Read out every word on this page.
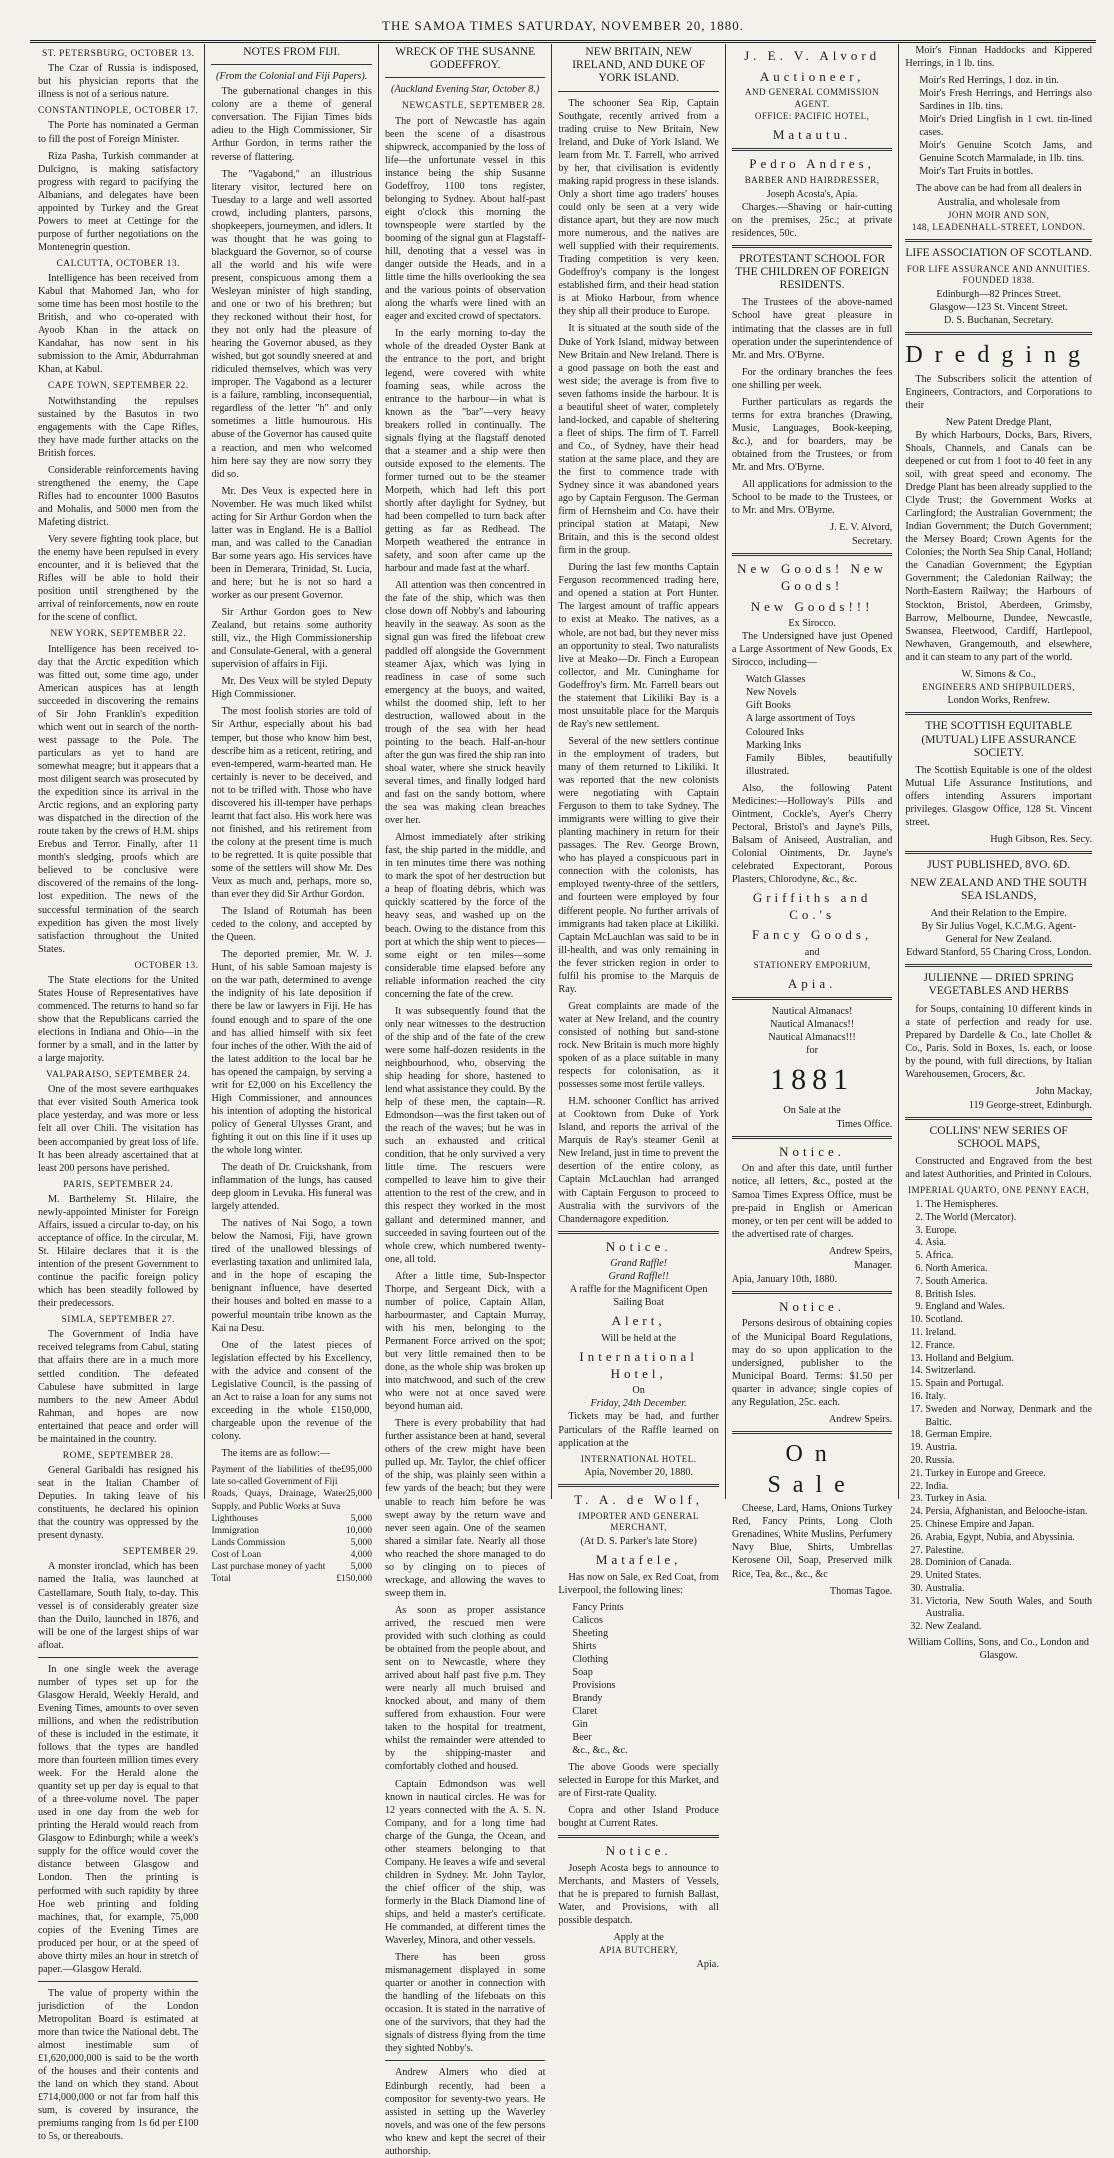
THE SAMOA TIMES SATURDAY, NOVEMBER 20, 1880.
ST. PETERSBURG, OCTOBER 13.

The Czar of Russia is indisposed, but his physician reports that the illness is not of a serious nature.

CONSTANTINOPLE, OCTOBER 17.

The Porte has nominated a German to fill the post of Foreign Minister.

Riza Pasha, Turkish commander at Dulcigno, is making satisfactory progress with regard to pacifying the Albanians, and delegates have been appointed by Turkey and the Great Powers to meet at Cettinge for the purpose of further negotiations on the Montenegrin question.

CALCUTTA, OCTOBER 13.

Intelligence has been received from Kabul that Mahomed Jan, who for some time has been most hostile to the British, and who co-operated with Ayoob Khan in the attack on Kandahar, has now sent in his submission to the Amir, Abdurrahman Khan, at Kabul.

CAPE TOWN, SEPTEMBER 22.

Notwithstanding the repulses sustained by the Basutos in two engagements with the Cape Rifles, they have made further attacks on the British forces.

Considerable reinforcements having strengthened the enemy, the Cape Rifles had to encounter 1000 Basutos and Mohalis, and 5000 men from the Mafeting district.

Very severe fighting took place, but the enemy have been repulsed in every encounter, and it is believed that the Rifles will be able to hold their position until strengthened by the arrival of reinforcements, now en route for the scene of conflict.

NEW YORK, SEPTEMBER 22.

Intelligence has been received to-day that the Arctic expedition which was fitted out, some time ago, under American auspices has at length succeeded in discovering the remains of Sir John Franklin's expedition which went out in search of the north-west passage to the Pole. The particulars as yet to hand are somewhat meagre; but it appears that a most diligent search was prosecuted by the expedition since its arrival in the Arctic regions, and an exploring party was dispatched in the direction of the route taken by the crews of H.M. ships Erebus and Terror. Finally, after 11 month's sledging, proofs which are believed to be conclusive were discovered of the remains of the long-lost expedition. The news of the successful termination of the search expedition has given the most lively satisfaction throughout the United States.

OCTOBER 13.

The State elections for the United States House of Representatives have commenced. The returns to hand so far show that the Republicans carried the elections in Indiana and Ohio—in the former by a small, and in the latter by a large majority.

VALPARAISO, SEPTEMBER 24.

One of the most severe earthquakes that ever visited South America took place yesterday, and was more or less felt all over Chili. The visitation has been accompanied by great loss of life. It has been already ascertained that at least 200 persons have perished.

PARIS, SEPTEMBER 24.

M. Barthelemy St. Hilaire, the newly-appointed Minister for Foreign Affairs, issued a circular to-day, on his acceptance of office. In the circular, M. St. Hilaire declares that it is the intention of the present Government to continue the pacific foreign policy which has been steadily followed by their predecessors.

SIMLA, SEPTEMBER 27.

The Government of India have received telegrams from Cabul, stating that affairs there are in a much more settled condition. The defeated Cabulese have submitted in large numbers to the new Ameer Abdul Rahman, and hopes are now entertained that peace and order will be maintained in the country.

ROME, SEPTEMBER 28.

General Garibaldi has resigned his seat in the Italian Chamber of Deputies. In taking leave of his constituents, he declared his opinion that the country was oppressed by the present dynasty.

SEPTEMBER 29.

A monster ironclad, which has been named the Italia, was launched at Castellamare, South Italy, to-day. This vessel is of considerably greater size than the Duilo, launched in 1876, and will be one of the largest ships of war afloat.

In one single week the average number of types set up for the Glasgow Herald, Weekly Herald, and Evening Times, amounts to over seven millions, and when the redistribution of these is included in the estimate, it follows that the types are handled more than fourteen million times every week. For the Herald alone the quantity set up per day is equal to that of a three-volume novel. The paper used in one day from the web for printing the Herald would reach from Glasgow to Edinburgh; while a week's supply for the office would cover the distance between Glasgow and London. Then the printing is performed with such rapidity by three Hoe web printing and folding machines, that, for example, 75,000 copies of the Evening Times are produced per hour, or at the speed of above thirty miles an hour in stretch of paper.—Glasgow Herald.

The value of property within the jurisdiction of the London Metropolitan Board is estimated at more than twice the National debt. The almost inestimable sum of £1,620,000,000 is said to be the worth of the houses and their contents and the land on which they stand. About £714,000,000 or not far from half this sum, is covered by insurance, the premiums ranging from 1s 6d per £100 to 5s, or thereabouts.

NOTES FROM FIJI.
(From the Colonial and Fiji Papers).

The gubernational changes in this colony are a theme of general conversation. The Fijian Times bids adieu to the High Commissioner, Sir Arthur Gordon, in terms rather the reverse of flattering.

The "Vagabond," an illustrious literary visitor, lectured here on Tuesday to a large and well assorted crowd, including planters, parsons, shopkeepers, journeymen, and idlers. It was thought that he was going to blackguard the Governor, so of course all the world and his wife were present, conspicuous among them a Wesleyan minister of high standing, and one or two of his brethren; but they reckoned without their host, for they not only had the pleasure of hearing the Governor abused, as they wished, but got soundly sneered at and ridiculed themselves, which was very improper. The Vagabond as a lecturer is a failure, rambling, inconsequential, regardless of the letter "h" and only sometimes a little humourous. His abuse of the Governor has caused quite a reaction, and men who welcomed him here say they are now sorry they did so.

Mr. Des Veux is expected here in November. He was much liked whilst acting for Sir Arthur Gordon when the latter was in England. He is a Balliol man, and was called to the Canadian Bar some years ago. His services have been in Demerara, Trinidad, St. Lucia, and here; but he is not so hard a worker as our present Governor.

Sir Arthur Gordon goes to New Zealand, but retains some authority still, viz., the High Commissionership and Consulate-General, with a general supervision of affairs in Fiji.

Mr. Des Veux will be styled Deputy High Commissioner.

The most foolish stories are told of Sir Arthur, especially about his bad temper, but those who know him best, describe him as a reticent, retiring, and even-tempered, warm-hearted man. He certainly is never to be deceived, and not to be trifled with. Those who have discovered his ill-temper have perhaps learnt that fact also. His work here was not finished, and his retirement from the colony at the present time is much to be regretted. It is quite possible that some of the settlers will show Mr. Des Veux as much and, perhaps, more so, than ever they did Sir Arthur Gordon.

The Island of Rotumah has been ceded to the colony, and accepted by the Queen.

The deported premier, Mr. W. J. Hunt, of his sable Samoan majesty is on the war path, determined to avenge the indignity of his late deposition if there be law or lawyers in Fiji. He has found enough and to spare of the one and has allied himself with six feet four inches of the other. With the aid of the latest addition to the local bar he has opened the campaign, by serving a writ for £2,000 on his Excellency the High Commissioner, and announces his intention of adopting the historical policy of General Ulysses Grant, and fighting it out on this line if it uses up the whole long winter.

The death of Dr. Cruickshank, from inflammation of the lungs, has caused deep gloom in Levuka. His funeral was largely attended.

The natives of Nai Sogo, a town below the Namosi, Fiji, have grown tired of the unallowed blessings of everlasting taxation and unlimited lala, and in the hope of escaping the benignant influence, have deserted their houses and bolted en masse to a powerful mountain tribe known as the Kai na Desu.

One of the latest pieces of legislation effected by his Excellency, with the advice and consent of the Legislative Council, is the passing of an Act to raise a loan for any sums not exceeding in the whole £150,000, chargeable upon the revenue of the colony.

The items are as follow:—

Payment of the liabilities of the late so-called Government of Fiji
£95,000
Roads, Quays, Drainage, Water Supply, and Public Works at Suva
25,000
Lighthouses	5,000
Immigration	10,000
Lands Commission	5,000
Cost of Loan	4,000
Last purchase money of yacht	5,000
Total	£150,000
WRECK OF THE SUSANNE GODEFFROY.
(Auckland Evening Star, October 8.)
NEWCASTLE, SEPTEMBER 28.

The port of Newcastle has again been the scene of a disastrous shipwreck, accompanied by the loss of life—the unfortunate vessel in this instance being the ship Susanne Godeffroy, 1100 tons register, belonging to Sydney. About half-past eight o'clock this morning the townspeople were startled by the booming of the signal gun at Flagstaff-hill, denoting that a vessel was in danger outside the Heads, and in a little time the hills overlooking the sea and the various points of observation along the wharfs were lined with an eager and excited crowd of spectators.

In the early morning to-day the whole of the dreaded Oyster Bank at the entrance to the port, and bright legend, were covered with white foaming seas, while across the entrance to the harbour—in what is known as the "bar"—very heavy breakers rolled in continually. The signals flying at the flagstaff denoted that a steamer and a ship were then outside exposed to the elements. The former turned out to be the steamer Morpeth, which had left this port shortly after daylight for Sydney, but had been compelled to turn back after getting as far as Redhead. The Morpeth weathered the entrance in safety, and soon after came up the harbour and made fast at the wharf.

All attention was then concentred in the fate of the ship, which was then close down off Nobby's and labouring heavily in the seaway. As soon as the signal gun was fired the lifeboat crew paddled off alongside the Government steamer Ajax, which was lying in readiness in case of some such emergency at the buoys, and waited, whilst the doomed ship, left to her destruction, wallowed about in the trough of the sea with her head pointing to the beach. Half-an-hour after the gun was fired the ship ran into shoal water, where she struck heavily several times, and finally lodged hard and fast on the sandy bottom, where the sea was making clean breaches over her.

Almost immediately after striking fast, the ship parted in the middle, and in ten minutes time there was nothing to mark the spot of her destruction but a heap of floating débris, which was quickly scattered by the force of the heavy seas, and washed up on the beach. Owing to the distance from this port at which the ship went to pieces—some eight or ten miles—some considerable time elapsed before any reliable information reached the city concerning the fate of the crew.

It was subsequently found that the only near witnesses to the destruction of the ship and of the fate of the crew were some half-dozen residents in the neighbourhood, who, observing the ship heading for shore, hastened to lend what assistance they could. By the help of these men, the captain—R. Edmondson—was the first taken out of the reach of the waves; but he was in such an exhausted and critical condition, that he only survived a very little time. The rescuers were compelled to leave him to give their attention to the rest of the crew, and in this respect they worked in the most gallant and determined manner, and succeeded in saving fourteen out of the whole crew, which numbered twenty-one, all told.

After a little time, Sub-Inspector Thorpe, and Sergeant Dick, with a number of police, Captain Allan, harbourmaster, and Captain Murray, with his men, belonging to the Permanent Force arrived on the spot; but very little remained then to be done, as the whole ship was broken up into matchwood, and such of the crew who were not at once saved were beyond human aid.

There is every probability that had further assistance been at hand, several others of the crew might have been pulled up. Mr. Taylor, the chief officer of the ship, was plainly seen within a few yards of the beach; but they were unable to reach him before he was swept away by the return wave and never seen again. One of the seamen shared a similar fate. Nearly all those who reached the shore managed to do so by clinging on to pieces of wreckage, and allowing the waves to sweep them in.

As soon as proper assistance arrived, the rescued men were provided with such clothing as could be obtained from the people about, and sent on to Newcastle, where they arrived about half past five p.m. They were nearly all much bruised and knocked about, and many of them suffered from exhaustion. Four were taken to the hospital for treatment, whilst the remainder were attended to by the shipping-master and comfortably clothed and housed.

Captain Edmondson was well known in nautical circles. He was for 12 years connected with the A. S. N. Company, and for a long time had charge of the Gunga, the Ocean, and other steamers belonging to that Company. He leaves a wife and several children in Sydney. Mr. John Taylor, the chief officer of the ship, was formerly in the Black Diamond line of ships, and held a master's certificate. He commanded, at different times the Waverley, Minora, and other vessels.

There has been gross mismanagement displayed in some quarter or another in connection with the handling of the lifeboats on this occasion. It is stated in the narrative of one of the survivors, that they had the signals of distress flying from the time they sighted Nobby's.

Andrew Almers who died at Edinburgh recently, had been a compositor for seventy-two years. He assisted in setting up the Waverley novels, and was one of the few persons who knew and kept the secret of their authorship.

NEW BRITAIN, NEW IRELAND, AND DUKE OF YORK ISLAND.

The schooner Sea Rip, Captain Southgate, recently arrived from a trading cruise to New Britain, New Ireland, and Duke of York Island. We learn from Mr. T. Farrell, who arrived by her, that civilisation is evidently making rapid progress in these islands. Only a short time ago traders' houses could only be seen at a very wide distance apart, but they are now much more numerous, and the natives are well supplied with their requirements. Trading competition is very keen. Godeffroy's company is the longest established firm, and their head station is at Mioko Harbour, from whence they ship all their produce to Europe.

It is situated at the south side of the Duke of York Island, midway between New Britain and New Ireland. There is a good passage on both the east and west side; the average is from five to seven fathoms inside the harbour. It is a beautiful sheet of water, completely land-locked, and capable of sheltering a fleet of ships. The firm of T. Farrell and Co., of Sydney, have their head station at the same place, and they are the first to commence trade with Sydney since it was abandoned years ago by Captain Ferguson. The German firm of Hernsheim and Co. have their principal station at Matapi, New Britain, and this is the second oldest firm in the group.

During the last few months Captain Ferguson recommenced trading here, and opened a station at Port Hunter. The largest amount of traffic appears to exist at Meako. The natives, as a whole, are not bad, but they never miss an opportunity to steal. Two naturalists live at Meako—Dr. Finch a European collector, and Mr. Cuninghame for Godeffroy's firm. Mr. Farrell bears out the statement that Likiliki Bay is a most unsuitable place for the Marquis de Ray's new settlement.

Several of the new settlers continue in the employment of traders, but many of them returned to Likiliki. It was reported that the new colonists were negotiating with Captain Ferguson to them to take Sydney. The immigrants were willing to give their planting machinery in return for their passages. The Rev. George Brown, who has played a conspicuous part in connection with the colonists, has employed twenty-three of the settlers, and fourteen were employed by four different people. No further arrivals of immigrants had taken place at Likiliki. Captain McLauchlan was said to be in ill-health, and was only remaining in the fever stricken region in order to fulfil his promise to the Marquis de Ray.

Great complaints are made of the water at New Ireland, and the country consisted of nothing but sand-stone rock. New Britain is much more highly spoken of as a place suitable in many respects for colonisation, as it possesses some most fertile valleys.

H.M. schooner Conflict has arrived at Cooktown from Duke of York Island, and reports the arrival of the Marquis de Ray's steamer Genil at New Ireland, just in time to prevent the desertion of the entire colony, as Captain McLauchlan had arranged with Captain Ferguson to proceed to Australia with the survivors of the Chandernagore expedition.

Notice.
Grand Raffle!
Grand Raffle!!
A raffle for the Magnificent Open Sailing Boat
Alert,
Will be held at the
International Hotel,
On
Friday, 24th December.

Tickets may be had, and further Particulars of the Raffle learned on application at the

INTERNATIONAL HOTEL.
Apia, November 20, 1880.
T. A. de Wolf,
IMPORTER AND GENERAL MERCHANT,
(At D. S. Parker's late Store)
Matafele,

Has now on Sale, ex Red Coat, from Liverpool, the following lines:

Fancy Prints
Calicos
Sheeting
Shirts
Clothing
Soap
Provisions
Brandy
Claret
Gin
Beer
&c., &c., &c.

The above Goods were specially selected in Europe for this Market, and are of First-rate Quality.

Copra and other Island Produce bought at Current Rates.

Notice.

Joseph Acosta begs to announce to Merchants, and Masters of Vessels, that he is prepared to furnish Ballast, Water, and Provisions, with all possible despatch.

Apply at the
APIA BUTCHERY,
Apia.
J. E. V. Alvord
Auctioneer,
AND GENERAL COMMISSION AGENT.
OFFICE: PACIFIC HOTEL,
Matautu.
Pedro Andres,
BARBER AND HAIRDRESSER,
Joseph Acosta's, Apia.

Charges.—Shaving or hair-cutting on the premises, 25c.; at private residences, 50c.

PROTESTANT SCHOOL FOR THE CHILDREN OF FOREIGN RESIDENTS.

The Trustees of the above-named School have great pleasure in intimating that the classes are in full operation under the superintendence of Mr. and Mrs. O'Byrne.

For the ordinary branches the fees one shilling per week.

Further particulars as regards the terms for extra branches (Drawing, Music, Languages, Book-keeping, &c.), and for boarders, may be obtained from the Trustees, or from Mr. and Mrs. O'Byrne.

All applications for admission to the School to be made to the Trustees, or to Mr. and Mrs. O'Byrne.

J. E. V. Alvord,
Secretary.
New Goods! New Goods!
New Goods!!!
Ex Sirocco.

The Undersigned have just Opened a Large Assortment of New Goods, Ex Sirocco, including—

Watch Glasses
New Novels
Gift Books
A large assortment of Toys
Coloured Inks
Marking Inks
Family Bibles, beautifully illustrated.

Also, the following Patent Medicines:—Holloway's Pills and Ointment, Cockle's, Ayer's Cherry Pectoral, Bristol's and Jayne's Pills, Balsam of Aniseed, Australian, and Colonial Ointments, Dr. Jayne's celebrated Expectorant, Porous Plasters, Chlorodyne, &c., &c.

Griffiths and Co.'s
Fancy Goods,
and
STATIONERY EMPORIUM,
Apia.
Nautical Almanacs!
Nautical Almanacs!!
Nautical Almanacs!!!
for
1881
On Sale at the
Times Office.
Notice.

On and after this date, until further notice, all letters, &c., posted at the Samoa Times Express Office, must be pre-paid in English or American money, or ten per cent will be added to the advertised rate of charges.

Andrew Speirs,
Manager.
Apia, January 10th, 1880.
Notice.

Persons desirous of obtaining copies of the Municipal Board Regulations, may do so upon application to the undersigned, publisher to the Municipal Board. Terms: $1.50 per quarter in advance; single copies of any Regulation, 25c. each.

Andrew Speirs.
On Sale

Cheese, Lard, Hams, Onions Turkey Red, Fancy Prints, Long Cloth Grenadines, White Muslins, Perfumery Navy Blue, Shirts, Umbrellas Kerosene Oil, Soap, Preserved milk Rice, Tea, &c., &c., &c

Thomas Tagoe.

Moir's Finnan Haddocks and Kippered Herrings, in 1 lb. tins.

Moir's Red Herrings, 1 doz. in tin.
Moir's Fresh Herrings, and Herrings also Sardines in 1lb. tins.
Moir's Dried Lingfish in 1 cwt. tin-lined cases.
Moir's Genuine Scotch Jams, and Genuine Scotch Marmalade, in 1lb. tins.
Moir's Tart Fruits in bottles.
The above can be had from all dealers in Australia, and wholesale from
JOHN MOIR AND SON,
148, LEADENHALL-STREET, LONDON.
LIFE ASSOCIATION OF SCOTLAND.
FOR LIFE ASSURANCE AND ANNUITIES. FOUNDED 1838.
Edinburgh—82 Princes Street.
Glasgow—123 St. Vincent Street.
D. S. Buchanan, Secretary.
Dredging

The Subscribers solicit the attention of Engineers, Contractors, and Corporations to their

New Patent Dredge Plant,

By which Harbours, Docks, Bars, Rivers, Shoals, Channels, and Canals can be deepened or cut from 1 foot to 40 feet in any soil, with great speed and economy. The Dredge Plant has been already supplied to the Clyde Trust; the Government Works at Carlingford; the Australian Government; the Indian Government; the Dutch Government; the Mersey Board; Crown Agents for the Colonies; the North Sea Ship Canal, Holland; the Canadian Government; the Egyptian Government; the Caledonian Railway; the North-Eastern Railway; the Harbours of Stockton, Bristol, Aberdeen, Grimsby, Barrow, Melbourne, Dundee, Newcastle, Swansea, Fleetwood, Cardiff, Hartlepool, Newhaven, Grangemouth, and elsewhere, and it can steam to any part of the world.

W. Simons & Co.,
ENGINEERS AND SHIPBUILDERS,
London Works, Renfrew.
THE SCOTTISH EQUITABLE (MUTUAL) LIFE ASSURANCE SOCIETY.

The Scottish Equitable is one of the oldest Mutual Life Assurance Institutions, and offers intending Assurers important privileges. Glasgow Office, 128 St. Vincent street.

Hugh Gibson, Res. Secy.
JUST PUBLISHED, 8VO. 6D.
NEW ZEALAND AND THE SOUTH SEA ISLANDS,
And their Relation to the Empire.
By Sir Julius Vogel, K.C.M.G. Agent-General for New Zealand.
Edward Stanford, 55 Charing Cross, London.
JULIENNE — DRIED SPRING VEGETABLES AND HERBS

for Soups, containing 10 different kinds in a state of perfection and ready for use. Prepared by Dardelle & Co., late Chollet & Co., Paris. Sold in Boxes, 1s. each, or loose by the pound, with full directions, by Italian Warehousemen, Grocers, &c.

John Mackay,
119 George-street, Edinburgh.
COLLINS' NEW SERIES OF SCHOOL MAPS,

Constructed and Engraved from the best and latest Authorities, and Printed in Colours.

IMPERIAL QUARTO, ONE PENNY EACH,
1. The Hemispheres.
2. The World (Mercator).
3. Europe.
4. Asia.
5. Africa.
6. North America.
7. South America.
8. British Isles.
9. England and Wales.
10. Scotland.
11. Ireland.
12. France.
13. Holland and Belgium.
14. Switzerland.
15. Spain and Portugal.
16. Italy.
17. Sweden and Norway, Denmark and the Baltic.
18. German Empire.
19. Austria.
20. Russia.
21. Turkey in Europe and Greece.
22. India.
23. Turkey in Asia.
24. Persia, Afghanistan, and Belooche-istan.
25. Chinese Empire and Japan.
26. Arabia, Egypt, Nubia, and Abyssinia.
27. Palestine.
28. Dominion of Canada.
29. United States.
30. Australia.
31. Victoria, New South Wales, and South Australia.
32. New Zealand.
William Collins, Sons, and Co., London and Glasgow.
